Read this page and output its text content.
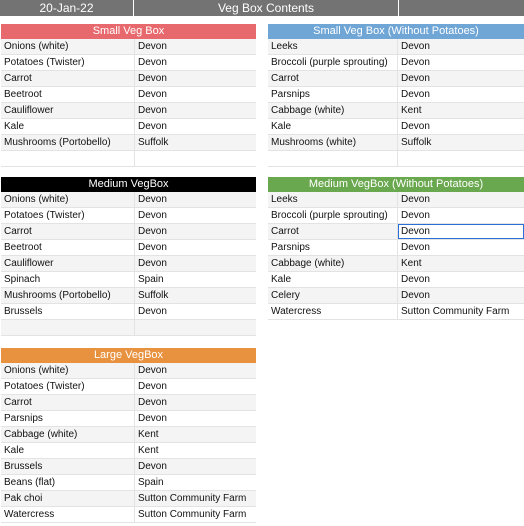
20-Jan-22	Veg Box Contents
Small Veg Box
Onions (white)	Devon
Potatoes (Twister)	Devon
Carrot	Devon
Beetroot	Devon
Cauliflower	Devon
Kale	Devon
Mushrooms (Portobello)	Suffolk
Small Veg Box (Without Potatoes)
Leeks	Devon
Broccoli (purple sprouting)	Devon
Carrot	Devon
Parsnips	Devon
Cabbage (white)	Kent
Kale	Devon
Mushrooms (white)	Suffolk
Medium VegBox
Onions (white)	Devon
Potatoes (Twister)	Devon
Carrot	Devon
Beetroot	Devon
Cauliflower	Devon
Spinach	Spain
Mushrooms (Portobello)	Suffolk
Brussels	Devon
Medium VegBox (Without Potatoes)
Leeks	Devon
Broccoli (purple sprouting)	Devon
Carrot	Devon
Parsnips	Devon
Cabbage (white)	Kent
Kale	Devon
Celery	Devon
Watercress	Sutton Community Farm
Large VegBox
Onions (white)	Devon
Potatoes (Twister)	Devon
Carrot	Devon
Parsnips	Devon
Cabbage (white)	Kent
Kale	Kent
Brussels	Devon
Beans (flat)	Spain
Pak choi	Sutton Community Farm
Watercress	Sutton Community Farm
